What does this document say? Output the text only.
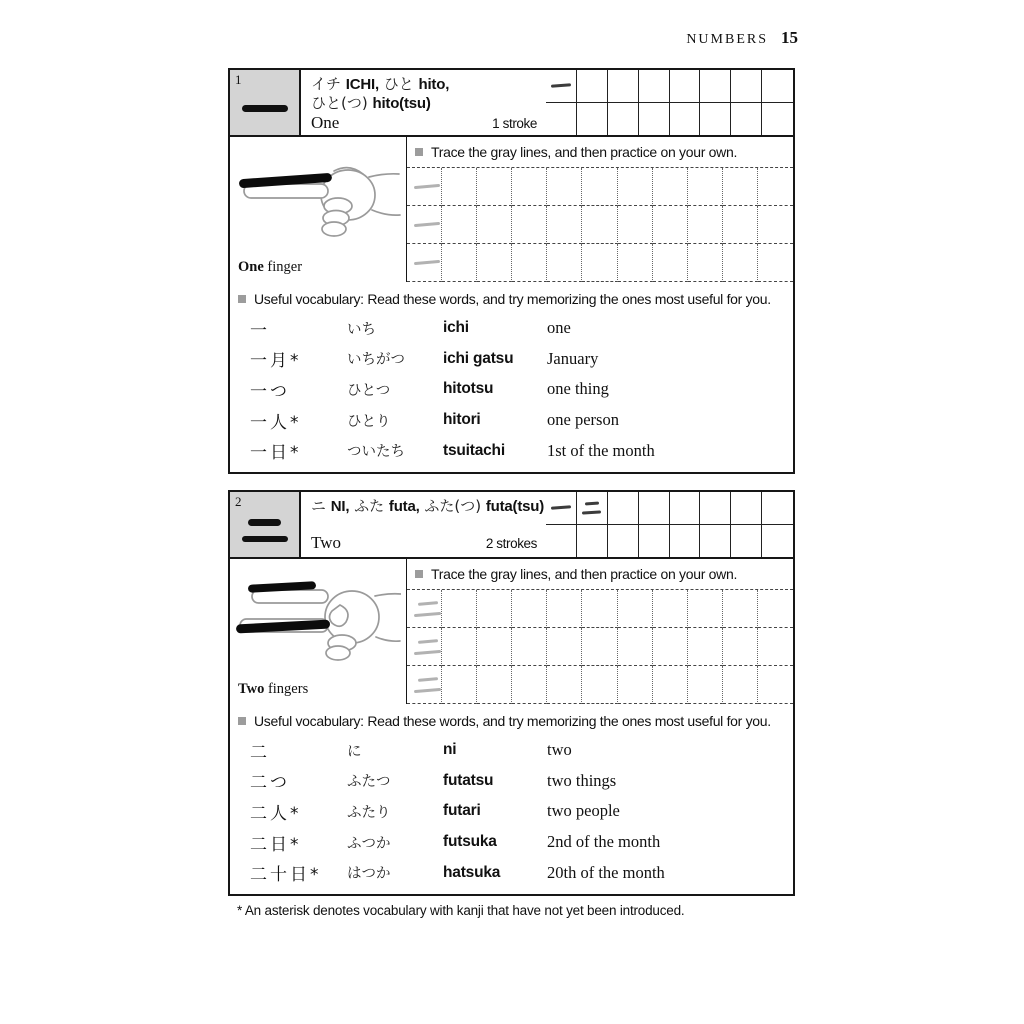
NUMBERS 15
1	イチ ICHI, ひと hito,
ひと(つ) hito(tsu)
One	1 stroke
One finger
Trace the gray lines, and then practice on your own.
Useful vocabulary: Read these words, and try memorizing the ones most useful for you.
一	いち	ichi	one
一月*	いちがつ	ichi gatsu	January
一つ	ひとつ	hitotsu	one thing
一人*	ひとり	hitori	one person
一日*	ついたち	tsuitachi	1st of the month
2	ニ NI, ふた futa, ふた(つ) futa(tsu)
Two	2 strokes
Two fingers
Trace the gray lines, and then practice on your own.
Useful vocabulary: Read these words, and try memorizing the ones most useful for you.
二	に	ni	two
二つ	ふたつ	futatsu	two things
二人*	ふたり	futari	two people
二日*	ふつか	futsuka	2nd of the month
二十日*	はつか	hatsuka	20th of the month
* An asterisk denotes vocabulary with kanji that have not yet been introduced.
